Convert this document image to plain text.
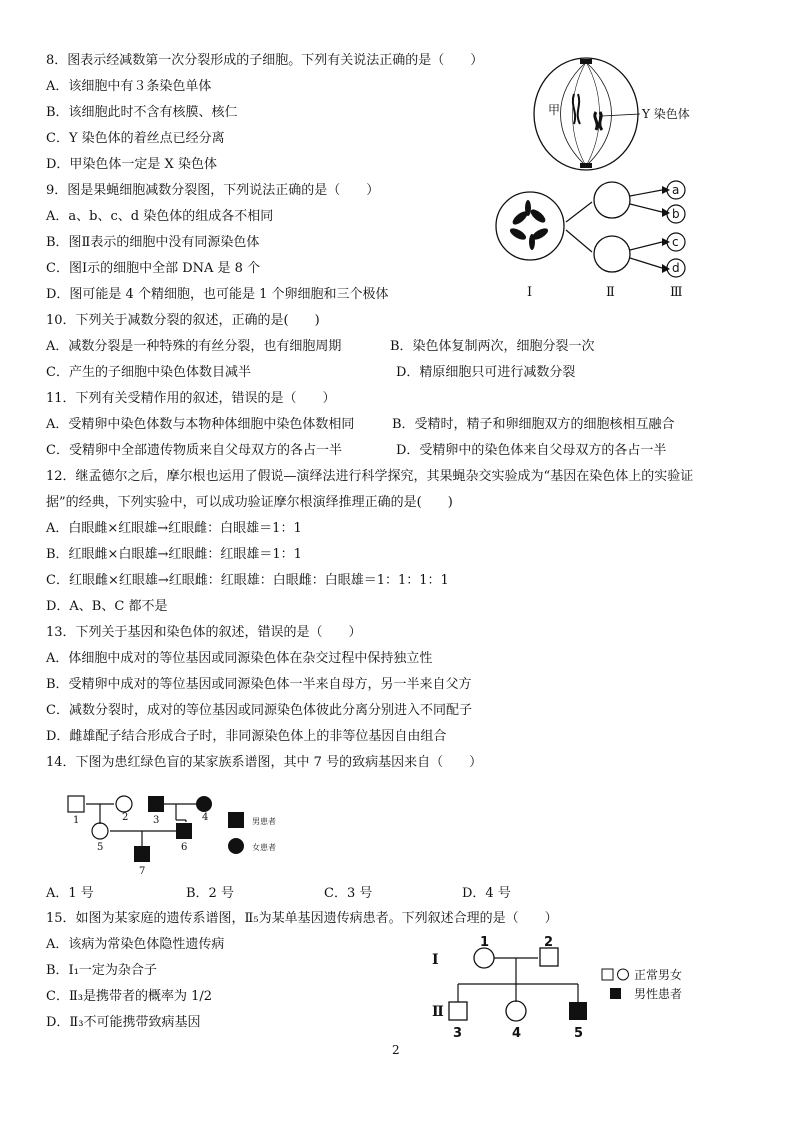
8．图表示经减数第一次分裂形成的子细胞。下列有关说法正确的是（　　）
A．该细胞中有３条染色单体
B．该细胞此时不含有核膜、核仁
C．Y 染色体的着丝点已经分离
D．甲染色体一定是 X 染色体
甲	Y 染色体
9．图是果蝇细胞减数分裂图，下列说法正确的是（　　）
A．a、b、c、d 染色体的组成各不相同
B．图Ⅱ表示的细胞中没有同源染色体
C．图Ⅰ示的细胞中全部 DNA 是 8 个
D．图可能是 4 个精细胞，也可能是 1 个卵细胞和三个极体
a
b
c
d
Ⅰ	Ⅱ	Ⅲ
10．下列关于减数分裂的叙述，正确的是(　　)
A．减数分裂是一种特殊的有丝分裂，也有细胞周期	B．染色体复制两次，细胞分裂一次
C．产生的子细胞中染色体数目减半	D．精原细胞只可进行减数分裂
11．下列有关受精作用的叙述，错误的是（　　）
A．受精卵中染色体数与本物种体细胞中染色体数相同	B．受精时，精子和卵细胞双方的细胞核相互融合
C．受精卵中全部遗传物质来自父母双方的各占一半	D．受精卵中的染色体来自父母双方的各占一半
12．继孟德尔之后，摩尔根也运用了假说—演绎法进行科学探究，其果蝇杂交实验成为“基因在染色体上的实验证
据”的经典，下列实验中，可以成功验证摩尔根演绎推理正确的是(　　)
A．白眼雌×红眼雄→红眼雌：白眼雄＝1：1
B．红眼雌×白眼雄→红眼雌：红眼雄＝1：1
C．红眼雌×红眼雄→红眼雌：红眼雄：白眼雌：白眼雄＝1：1：1：1
D．A、B、C 都不是
13．下列关于基因和染色体的叙述，错误的是（　　）
A．体细胞中成对的等位基因或同源染色体在杂交过程中保持独立性
B．受精卵中成对的等位基因或同源染色体一半来自母方，另一半来自父方
C．减数分裂时，成对的等位基因或同源染色体彼此分离分别进入不同配子
D．雌雄配子结合形成合子时，非同源染色体上的非等位基因自由组合
14．下图为患红绿色盲的某家族系谱图，其中 7 号的致病基因来自（　　）
1	2 3	4
5	6
7
男患者
女患者
A．1 号	B．2 号	C．3 号	D．4 号
15．如图为某家庭的遗传系谱图，Ⅱ₅为某单基因遗传病患者。下列叙述合理的是（　　）
A．该病为常染色体隐性遗传病
B．Ⅰ₁一定为杂合子
C．Ⅱ₃是携带者的概率为 1/2
D．Ⅱ₃不可能携带致病基因
Ⅰ
Ⅱ
1	2
3	4	5
正常男女
男性患者
2
